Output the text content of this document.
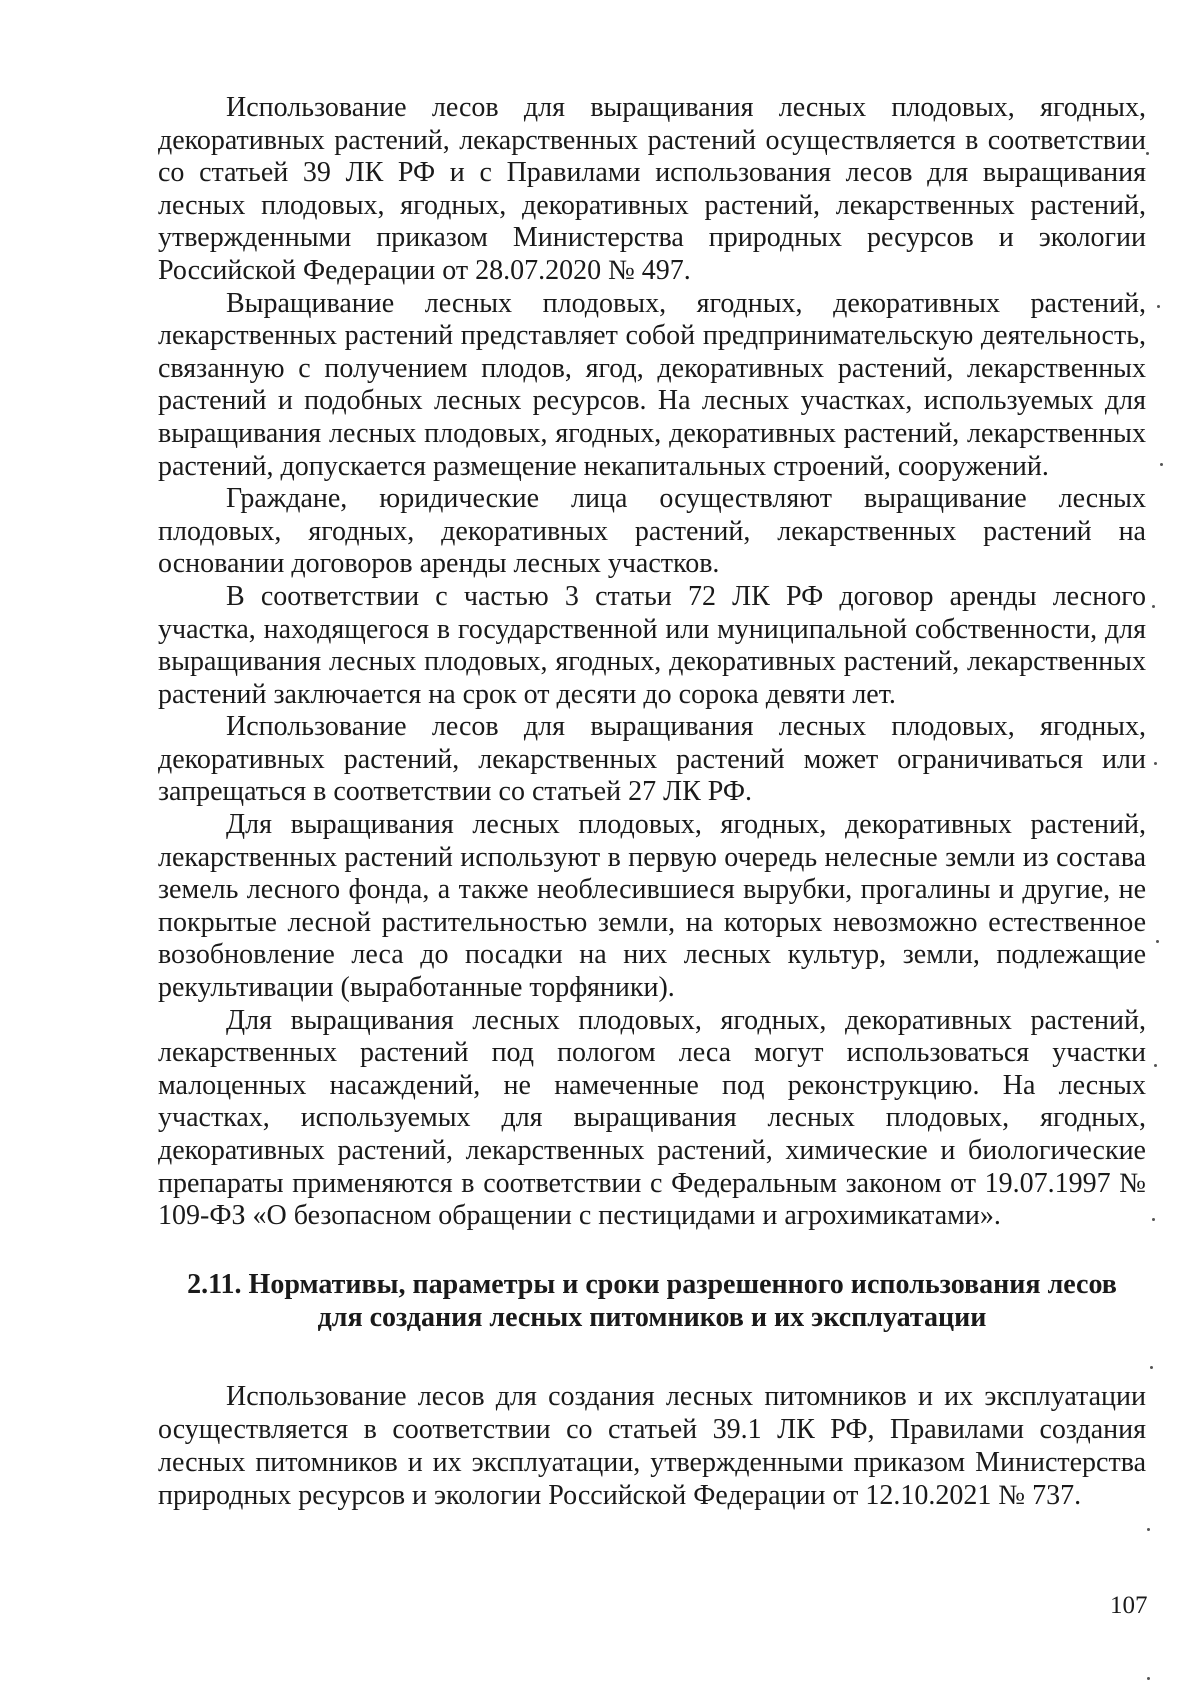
Использование лесов для выращивания лесных плодовых, ягодных, декоративных растений, лекарственных растений осуществляется в соответствии со статьей 39 ЛК РФ и с Правилами использования лесов для выращивания лесных плодовых, ягодных, декоративных растений, лекарственных растений, утвержденными приказом Министерства природных ресурсов и экологии Российской Федерации от 28.07.2020 № 497.

Выращивание лесных плодовых, ягодных, декоративных растений, лекарственных растений представляет собой предпринимательскую деятельность, связанную с получением плодов, ягод, декоративных растений, лекарственных растений и подобных лесных ресурсов. На лесных участках, используемых для выращивания лесных плодовых, ягодных, декоративных растений, лекарственных растений, допускается размещение некапитальных строений, сооружений.

Граждане, юридические лица осуществляют выращивание лесных плодовых, ягодных, декоративных растений, лекарственных растений на основании договоров аренды лесных участков.

В соответствии с частью 3 статьи 72 ЛК РФ договор аренды лесного участка, находящегося в государственной или муниципальной собственности, для выращивания лесных плодовых, ягодных, декоративных растений, лекарственных растений заключается на срок от десяти до сорока девяти лет.

Использование лесов для выращивания лесных плодовых, ягодных, декоративных растений, лекарственных растений может ограничиваться или запрещаться в соответствии со статьей 27 ЛК РФ.

Для выращивания лесных плодовых, ягодных, декоративных растений, лекарственных растений используют в первую очередь нелесные земли из состава земель лесного фонда, а также необлесившиеся вырубки, прогалины и другие, не покрытые лесной растительностью земли, на которых невозможно естественное возобновление леса до посадки на них лесных культур, земли, подлежащие рекультивации (выработанные торфяники).

Для выращивания лесных плодовых, ягодных, декоративных растений, лекарственных растений под пологом леса могут использоваться участки малоценных насаждений, не намеченные под реконструкцию. На лесных участках, используемых для выращивания лесных плодовых, ягодных, декоративных растений, лекарственных растений, химические и биологические препараты применяются в соответствии с Федеральным законом от 19.07.1997 № 109-ФЗ «О безопасном обращении с пестицидами и агрохимикатами».

2.11. Нормативы, параметры и сроки разрешенного использования лесов
для создания лесных питомников и их эксплуатации

Использование лесов для создания лесных питомников и их эксплуатации осуществляется в соответствии со статьей 39.1 ЛК РФ, Правилами создания лесных питомников и их эксплуатации, утвержденными приказом Министерства природных ресурсов и экологии Российской Федерации от 12.10.2021 № 737.

107
